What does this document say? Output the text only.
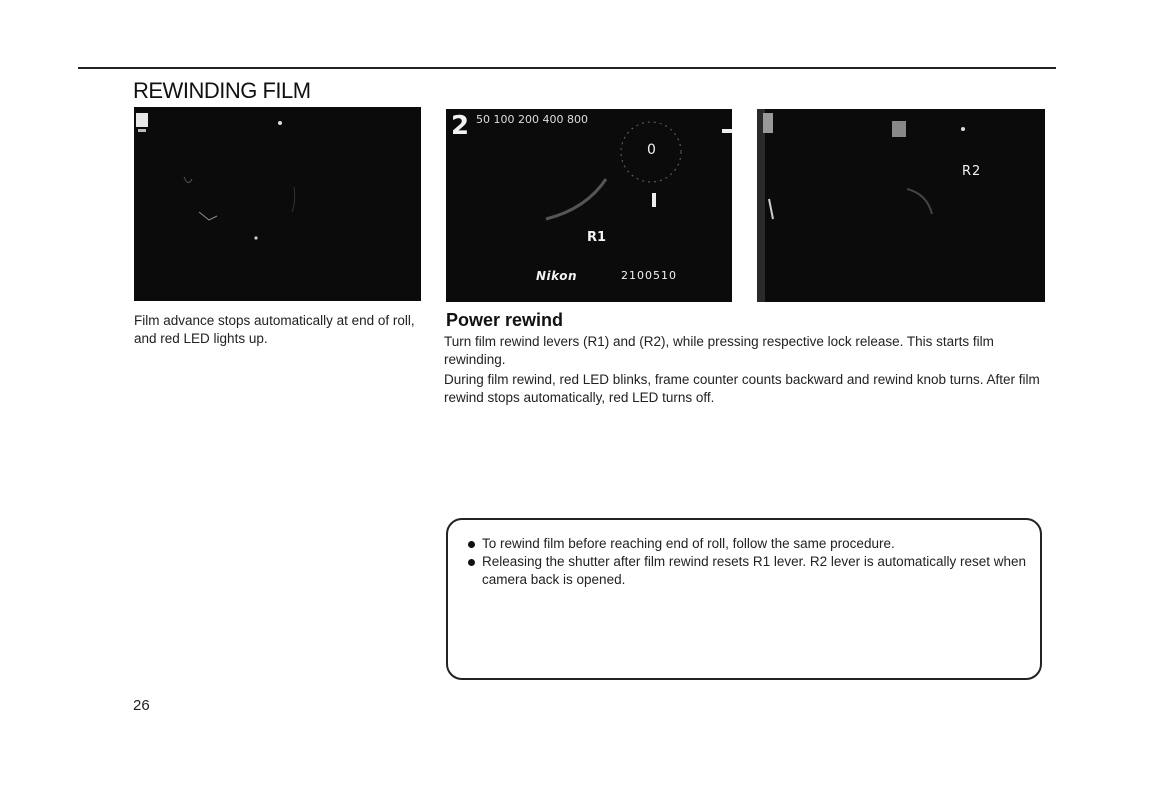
REWINDING FILM
50 100 200 400 800
2
0
R1
Nikon	2100510
R2

Film advance stops automatically at end of roll, and red LED lights up.

Power rewind

Turn film rewind levers (R1) and (R2), while pressing respective lock release. This starts film rewinding.

During film rewind, red LED blinks, frame counter counts backward and rewind knob turns. After film rewind stops automatically, red LED turns off.

To rewind film before reaching end of roll, follow the same procedure.
Releasing the shutter after film rewind resets R1 lever. R2 lever is automatically reset when camera back is opened.
26
